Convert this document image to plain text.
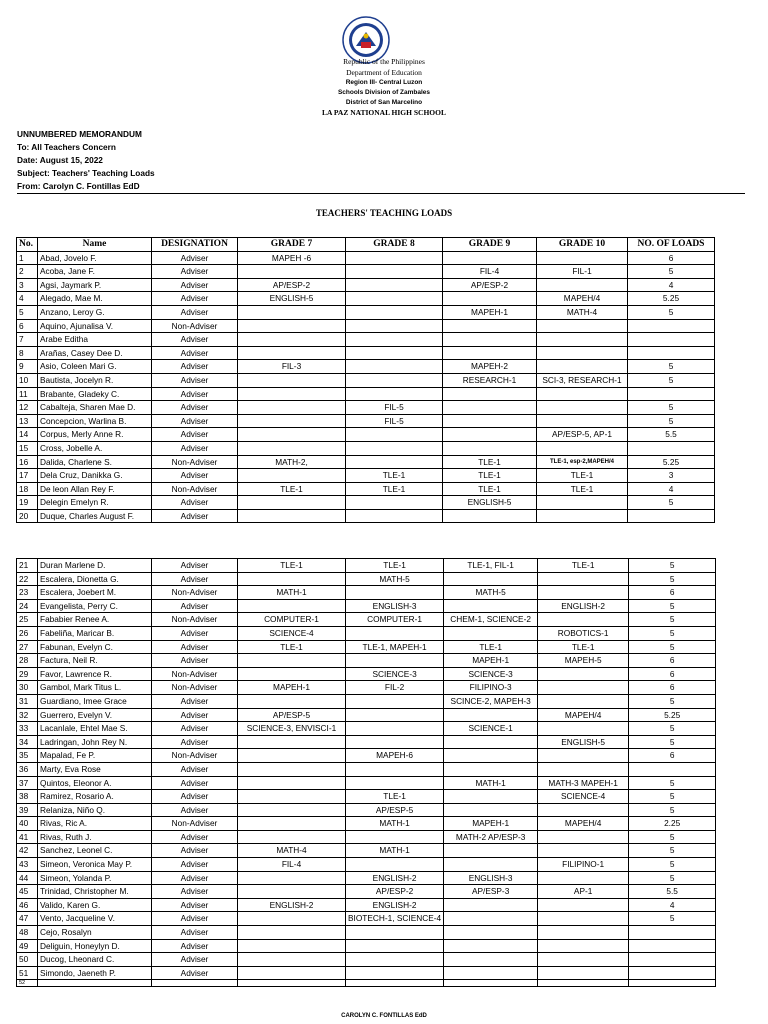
Republic of the Philippines
Department of Education
Region III- Central Luzon
Schools Division of Zambales
District of San Marcelino
LA PAZ NATIONAL HIGH SCHOOL
UNNUMBERED MEMORANDUM
To: All Teachers Concern
Date: August 15, 2022
Subject: Teachers' Teaching Loads
From: Carolyn C. Fontillas EdD
TEACHERS' TEACHING LOADS
No.	Name	DESIGNATION	GRADE 7	GRADE 8	GRADE 9	GRADE 10	NO. OF LOADS
1	Abad, Jovelo F.	Adviser	MAPEH -6				6
2	Acoba, Jane F.	Adviser			FIL-4	FIL-1	5
3	Agsi, Jaymark P.	Adviser	AP/ESP-2		AP/ESP-2		4
4	Alegado, Mae M.	Adviser	ENGLISH-5			MAPEH/4	5.25
5	Anzano, Leroy G.	Adviser			MAPEH-1	MATH-4	5
6	Aquino, Ajunalisa V.	Non-Adviser					
7	Arabe Editha	Adviser					
8	Arañas, Casey Dee D.	Adviser					
9	Asio, Coleen Mari G.	Adviser	FIL-3		MAPEH-2		5
10	Bautista, Jocelyn R.	Adviser			RESEARCH-1	SCI-3, RESEARCH-1	5
11	Brabante, Gladeky C.	Adviser					
12	Cabalteja, Sharen Mae D.	Adviser		FIL-5			5
13	Concepcion, Warlina B.	Adviser		FIL-5			5
14	Corpus, Merly Anne R.	Adviser				AP/ESP-5, AP-1	5.5
15	Cross, Jobelle A.	Adviser					
16	Dalida, Charlene S.	Non-Adviser	MATH-2,		TLE-1	TLE-1, esp-2,MAPEH/4	5.25
17	Dela Cruz, Danikka G.	Adviser		TLE-1	TLE-1	TLE-1	3
18	De leon Allan Rey F.	Non-Adviser	TLE-1	TLE-1	TLE-1	TLE-1	4
19	Delegin Emelyn R.	Adviser			ENGLISH-5		5
20	Duque, Charles August F.	Adviser					
21	Duran Marlene D.	Adviser	TLE-1	TLE-1	TLE-1, FIL-1	TLE-1	5
22	Escalera, Dionetta G.	Adviser		MATH-5			5
23	Escalera, Joebert M.	Non-Adviser	MATH-1		MATH-5		6
24	Evangelista, Perry C.	Adviser		ENGLISH-3		ENGLISH-2	5
25	Fababier Renee A.	Non-Adviser	COMPUTER-1	COMPUTER-1	CHEM-1, SCIENCE-2		5
26	Fabeliña, Maricar B.	Adviser	SCIENCE-4			ROBOTICS-1	5
27	Fabunan, Evelyn C.	Adviser	TLE-1	TLE-1, MAPEH-1	TLE-1	TLE-1	5
28	Factura, Neil R.	Adviser			MAPEH-1	MAPEH-5	6
29	Favor, Lawrence R.	Non-Adviser		SCIENCE-3	SCIENCE-3		6
30	Gambol, Mark Titus L.	Non-Adviser	MAPEH-1	FIL-2	FILIPINO-3		6
31	Guardiano, Imee Grace	Adviser			SCINCE-2, MAPEH-3		5
32	Guerrero, Evelyn V.	Adviser	AP/ESP-5			MAPEH/4	5.25
33	Lacanlale, Ehtel Mae S.	Adviser	SCIENCE-3, ENVISCI-1		SCIENCE-1		5
34	Ladringan, John Rey N.	Adviser				ENGLISH-5	5
35	Mapalad, Fe P.	Non-Adviser		MAPEH-6			6
36	Marty, Eva Rose	Adviser					
37	Quintos, Eleonor A.	Adviser			MATH-1	MATH-3 MAPEH-1	5
38	Ramirez, Rosario A.	Adviser		TLE-1		SCIENCE-4	5
39	Relaniza, Niño Q.	Adviser		AP/ESP-5			5
40	Rivas, Ric A.	Non-Adviser		MATH-1	MAPEH-1	MAPEH/4	2.25
41	Rivas, Ruth J.	Adviser			MATH-2 AP/ESP-3		5
42	Sanchez, Leonel C.	Adviser	MATH-4	MATH-1			5
43	Simeon, Veronica May P.	Adviser	FIL-4			FILIPINO-1	5
44	Simeon, Yolanda P.	Adviser		ENGLISH-2	ENGLISH-3		5
45	Trinidad, Christopher M.	Adviser		AP/ESP-2	AP/ESP-3	AP-1	5.5
46	Valido, Karen G.	Adviser	ENGLISH-2	ENGLISH-2			4
47	Vento, Jacqueline V.	Adviser		BIOTECH-1, SCIENCE-4			5
48	Cejo, Rosalyn	Adviser					
49	Deliguin, Honeylyn D.	Adviser					
50	Ducog, Lheonard C.	Adviser					
51	Simondo, Jaeneth P.	Adviser					
52							
CAROLYN C. FONTILLAS EdD
